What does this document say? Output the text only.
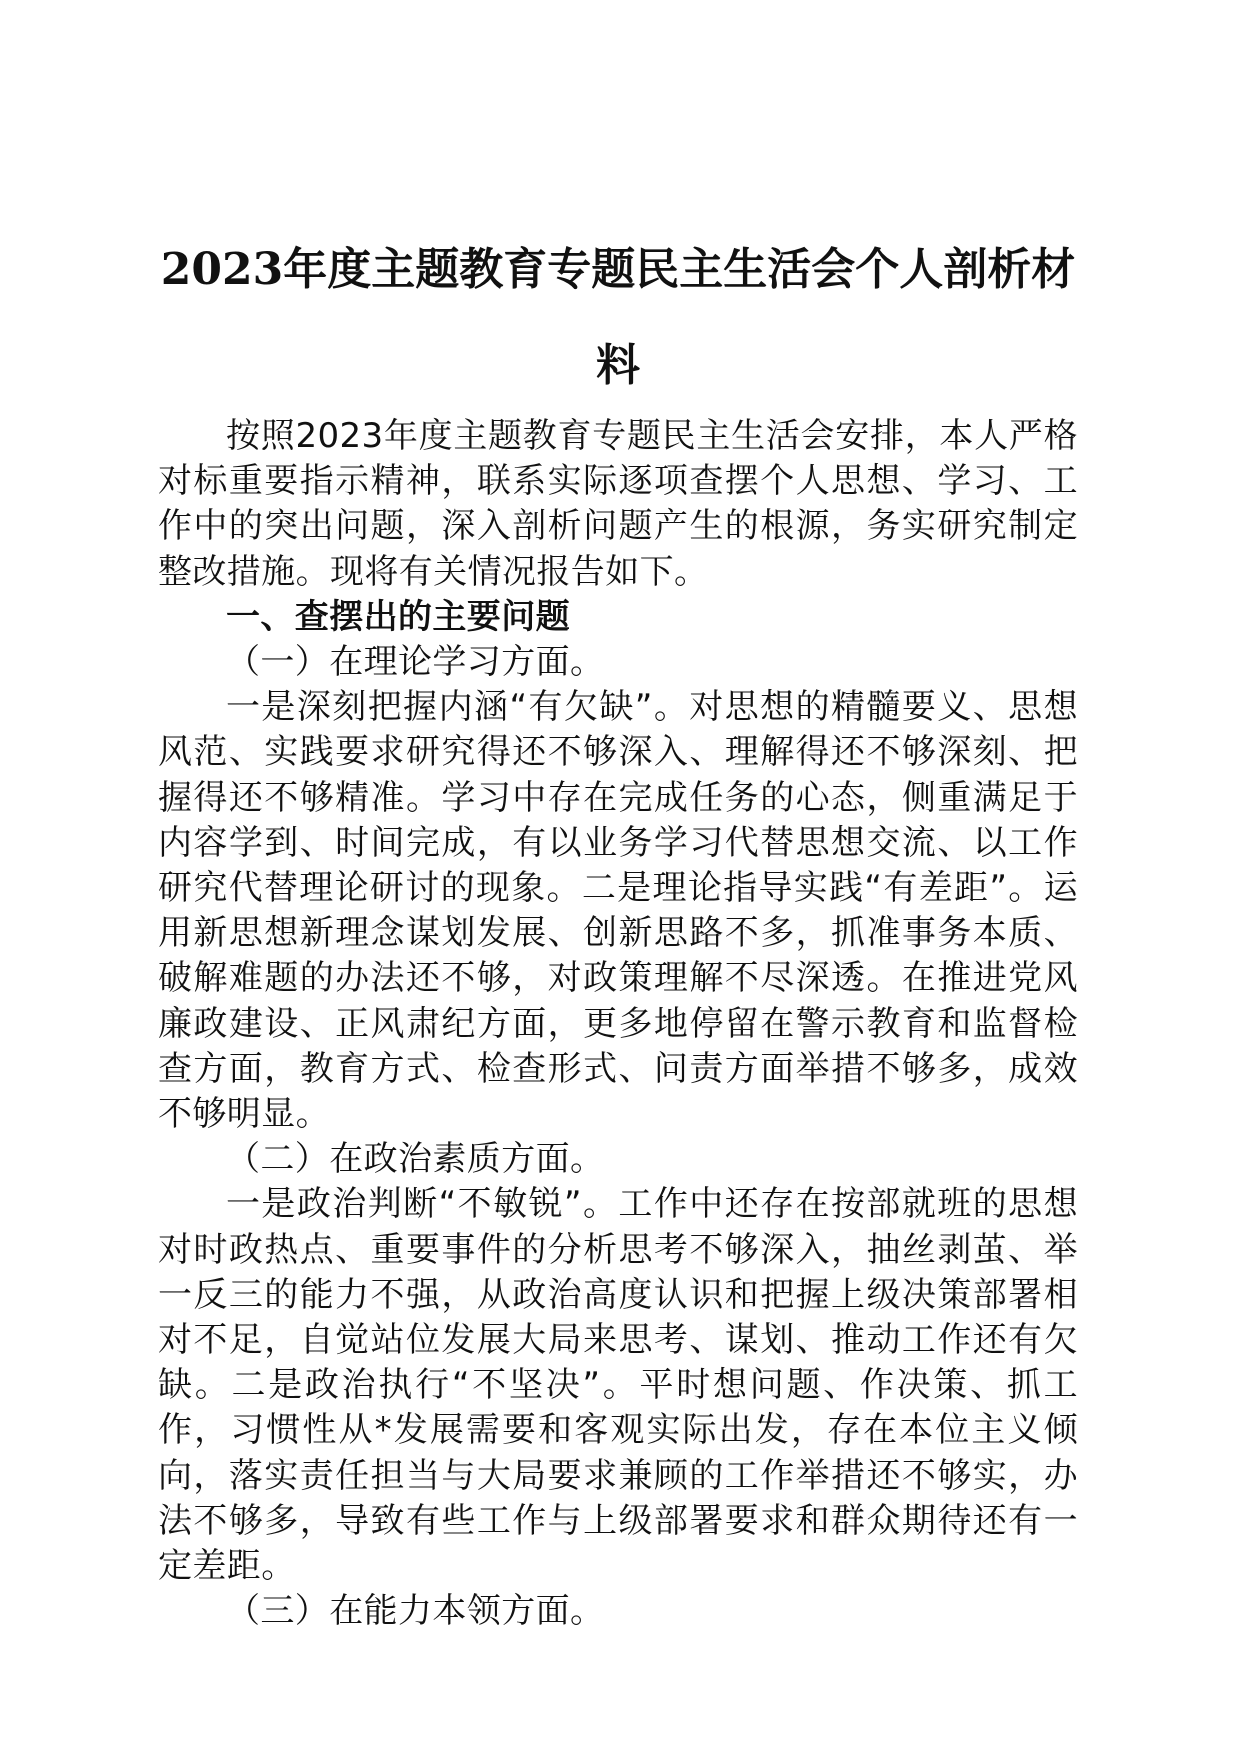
2023年度主题教育专题民主生活会个人剖析材料

按照2023年度主题教育专题民主生活会安排，本人严格对标重要指示精神，联系实际逐项查摆个人思想、学习、工作中的突出问题，深入剖析问题产生的根源，务实研究制定整改措施。现将有关情况报告如下。

一、查摆出的主要问题

（一）在理论学习方面。

一是深刻把握内涵“有欠缺”。对思想的精髓要义、思想风范、实践要求研究得还不够深入、理解得还不够深刻、把握得还不够精准。学习中存在完成任务的心态，侧重满足于内容学到、时间完成，有以业务学习代替思想交流、以工作研究代替理论研讨的现象。二是理论指导实践“有差距”。运用新思想新理念谋划发展、创新思路不多，抓准事务本质、破解难题的办法还不够，对政策理解不尽深透。在推进党风廉政建设、正风肃纪方面，更多地停留在警示教育和监督检查方面，教育方式、检查形式、问责方面举措不够多，成效不够明显。

（二）在政治素质方面。

一是政治判断“不敏锐”。工作中还存在按部就班的思想对时政热点、重要事件的分析思考不够深入，抽丝剥茧、举一反三的能力不强，从政治高度认识和把握上级决策部署相对不足，自觉站位发展大局来思考、谋划、推动工作还有欠缺。二是政治执行“不坚决”。平时想问题、作决策、抓工作，习惯性从*发展需要和客观实际出发，存在本位主义倾向，落实责任担当与大局要求兼顾的工作举措还不够实，办法不够多，导致有些工作与上级部署要求和群众期待还有一定差距。

（三）在能力本领方面。
